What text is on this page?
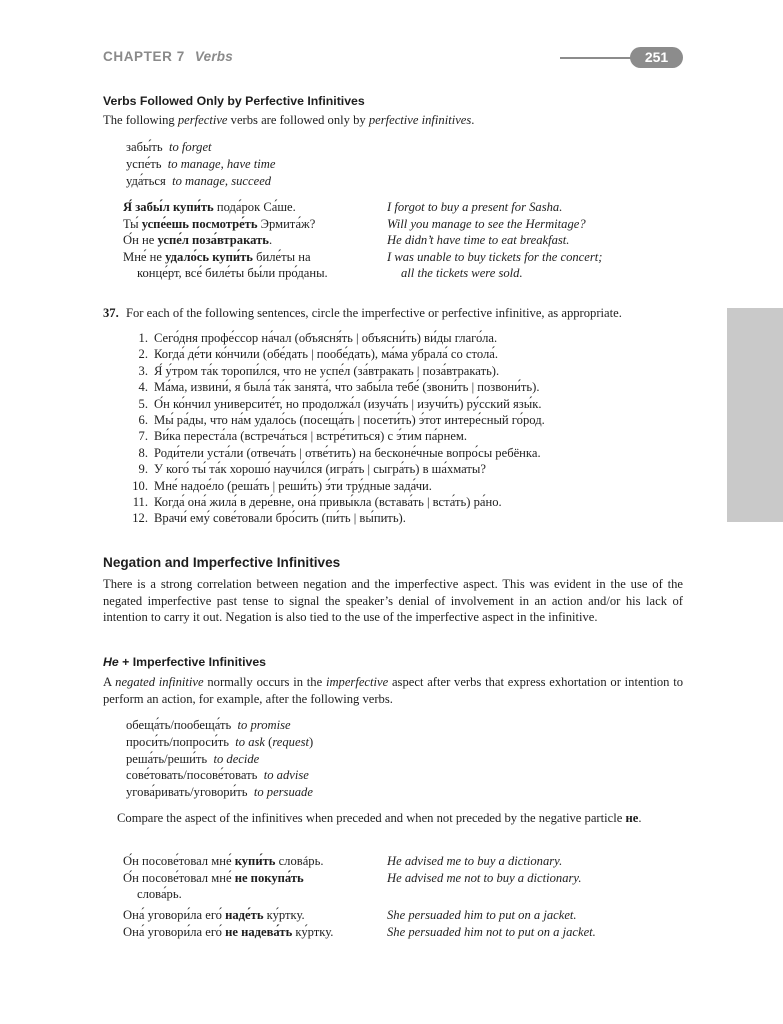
CHAPTER 7 Verbs	251
Verbs Followed Only by Perfective Infinitives
The following perfective verbs are followed only by perfective infinitives.
забы́ть to forget
успе́ть to manage, have time
уда́ться to manage, succeed
Я́ забы́л купи́ть пода́рок Са́ше.
Ты́ успе́ешь посмотре́ть Эрмита́ж?
О́н не успе́л поза́втракать.
Мне́ не удало́сь купи́ть биле́ты на
конце́рт, все́ биле́ты бы́ли про́даны.
I forgot to buy a present for Sasha.
Will you manage to see the Hermitage?
He didn’t have time to eat breakfast.
I was unable to buy tickets for the concert;
all the tickets were sold.
37. For each of the following sentences, circle the imperfective or perfective infinitive, as appropriate.
1. Сего́дня профе́ссор на́чал (объясня́ть | объясни́ть) ви́ды глаго́ла.
2. Когда́ де́ти ко́нчили (обе́дать | пообе́дать), ма́ма убрала́ со стола́.
3. Я́ у́тром та́к торопи́лся, что не успе́л (за́втракать | поза́втракать).
4. Ма́ма, извини́, я была́ та́к занята́, что забы́ла тебе́ (звони́ть | позвони́ть).
5. О́н ко́нчил университе́т, но продолжа́л (изуча́ть | изучи́ть) ру́сский язы́к.
6. Мы́ ра́ды, что на́м удало́сь (посеща́ть | посети́ть) э́тот интере́сный го́род.
7. Ви́ка переста́ла (встреча́ться | встре́титься) с э́тим па́рнем.
8. Роди́тели уста́ли (отвеча́ть | отве́тить) на бесконе́чные вопро́сы ребёнка.
9. У кого́ ты́ та́к хорошо́ научи́лся (игра́ть | сыгра́ть) в ша́хматы?
10. Мне́ надое́ло (реша́ть | реши́ть) э́ти тру́дные зада́чи.
11. Когда́ она́ жила́ в дере́вне, она́ привы́кла (встава́ть | вста́ть) ра́но.
12. Врачи́ ему́ сове́товали бро́сить (пи́ть | вы́пить).
Negation and Imperfective Infinitives
There is a strong correlation between negation and the imperfective aspect. This was evident in the use of the negated imperfective past tense to signal the speaker’s denial of involvement in an action and/or his lack of intention to carry it out. Negation is also tied to the use of the imperfective aspect in the infinitive.
Не + Imperfective Infinitives
A negated infinitive normally occurs in the imperfective aspect after verbs that express exhortation or intention to perform an action, for example, after the following verbs.
обеща́ть/пообеща́ть to promise
проси́ть/попроси́ть to ask (request)
реша́ть/реши́ть to decide
сове́товать/посове́товать to advise
угова́ривать/уговори́ть to persuade
Compare the aspect of the infinitives when preceded and when not preceded by the negative particle не.
О́н посове́товал мне́ купи́ть словáрь.
О́н посове́товал мне́ не покупа́ть
слова́рь.
He advised me to buy a dictionary.
He advised me not to buy a dictionary.
Она́ уговори́ла его́ наде́ть ку́ртку.
Она́ уговори́ла его́ не надева́ть ку́ртку.
She persuaded him to put on a jacket.
She persuaded him not to put on a jacket.
